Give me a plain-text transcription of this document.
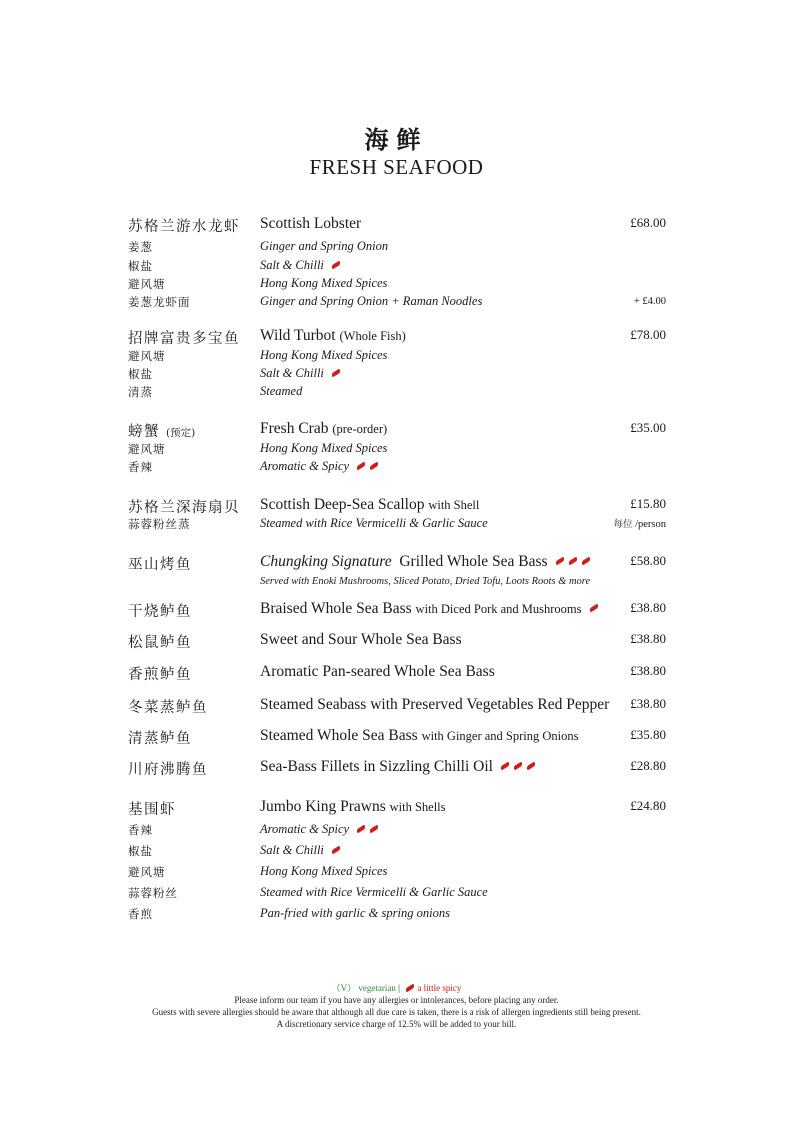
海鲜
FRESH SEAFOOD
苏格兰游水龙虾 Scottish Lobster	£68.00
姜葱	Ginger and Spring Onion
椒盐	Salt & Chilli
避风塘	Hong Kong Mixed Spices
姜葱龙虾面	Ginger and Spring Onion + Raman Noodles	+ £4.00
招牌富贵多宝鱼 Wild Turbot (Whole Fish)	£78.00
避风塘	Hong Kong Mixed Spices
椒盐	Salt & Chilli
清蒸	Steamed
螃蟹 (预定)	Fresh Crab (pre-order)	£35.00
避风塘	Hong Kong Mixed Spices
香辣	Aromatic & Spicy
苏格兰深海扇贝 Scottish Deep-Sea Scallop with Shell	£15.80
蒜蓉粉丝蒸	Steamed with Rice Vermicelli & Garlic Sauce	每位 /person
巫山烤鱼	Chungking Signature Grilled Whole Sea Bass	£58.80
Served with Enoki Mushrooms, Sliced Potato, Dried Tofu, Loots Roots & more
干烧鲈鱼	Braised Whole Sea Bass with Diced Pork and Mushrooms	£38.80
松鼠鲈鱼	Sweet and Sour Whole Sea Bass	£38.80
香煎鲈鱼	Aromatic Pan-seared Whole Sea Bass	£38.80
冬菜蒸鲈鱼	Steamed Seabass with Preserved Vegetables Red Pepper £38.80
清蒸鲈鱼	Steamed Whole Sea Bass with Ginger and Spring Onions	£35.80
川府沸腾鱼	Sea-Bass Fillets in Sizzling Chilli Oil	£28.80
基围虾	Jumbo King Prawns with Shells	£24.80
香辣	Aromatic & Spicy
椒盐	Salt & Chilli
避风塘	Hong Kong Mixed Spices
蒜蓉粉丝	Steamed with Rice Vermicelli & Garlic Sauce
香煎	Pan-fried with garlic & spring onions
（V） vegetarian | a little spicy
Please inform our team if you have any allergies or intolerances, before placing any order.
Guests with severe allergies should be aware that although all due care is taken, there is a risk of allergen ingredients still being present.
A discretionary service charge of 12.5% will be added to your bill.
